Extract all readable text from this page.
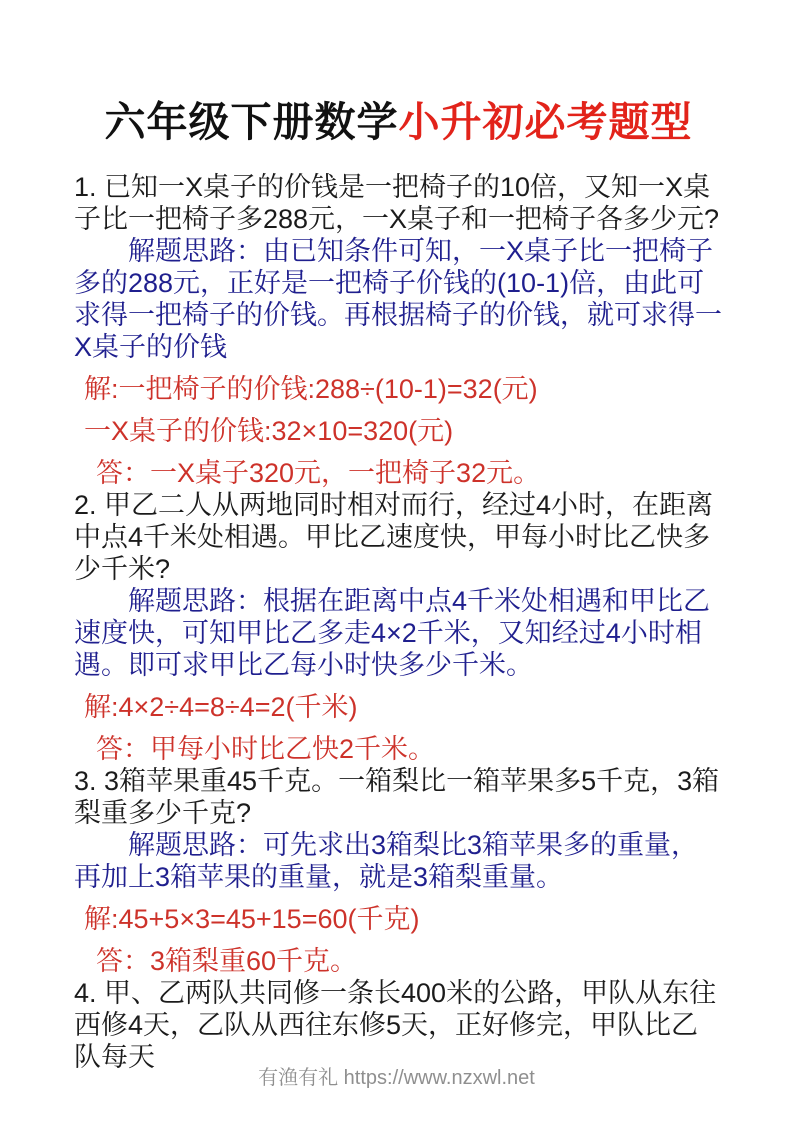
六年级下册数学小升初必考题型

1. 已知一X桌子的价钱是一把椅子的10倍，又知一X桌子比一把椅子多288元，一X桌子和一把椅子各多少元?

解题思路：由已知条件可知，一X桌子比一把椅子多的288元，正好是一把椅子价钱的(10-1)倍，由此可求得一把椅子的价钱。再根据椅子的价钱，就可求得一X桌子的价钱

解:一把椅子的价钱:288÷(10-1)=32(元)

一X桌子的价钱:32×10=320(元)

答：一X桌子320元，一把椅子32元。

2. 甲乙二人从两地同时相对而行，经过4小时，在距离中点4千米处相遇。甲比乙速度快，甲每小时比乙快多少千米?

解题思路：根据在距离中点4千米处相遇和甲比乙速度快，可知甲比乙多走4×2千米，又知经过4小时相遇。即可求甲比乙每小时快多少千米。

解:4×2÷4=8÷4=2(千米)

答：甲每小时比乙快2千米。

3. 3箱苹果重45千克。一箱梨比一箱苹果多5千克，3箱梨重多少千克?

解题思路：可先求出3箱梨比3箱苹果多的重量，再加上3箱苹果的重量，就是3箱梨重量。

解:45+5×3=45+15=60(千克)

答：3箱梨重60千克。

4. 甲、乙两队共同修一条长400米的公路，甲队从东往西修4天，乙队从西往东修5天，正好修完，甲队比乙队每天

有渔有礼 https://www.nzxwl.net
